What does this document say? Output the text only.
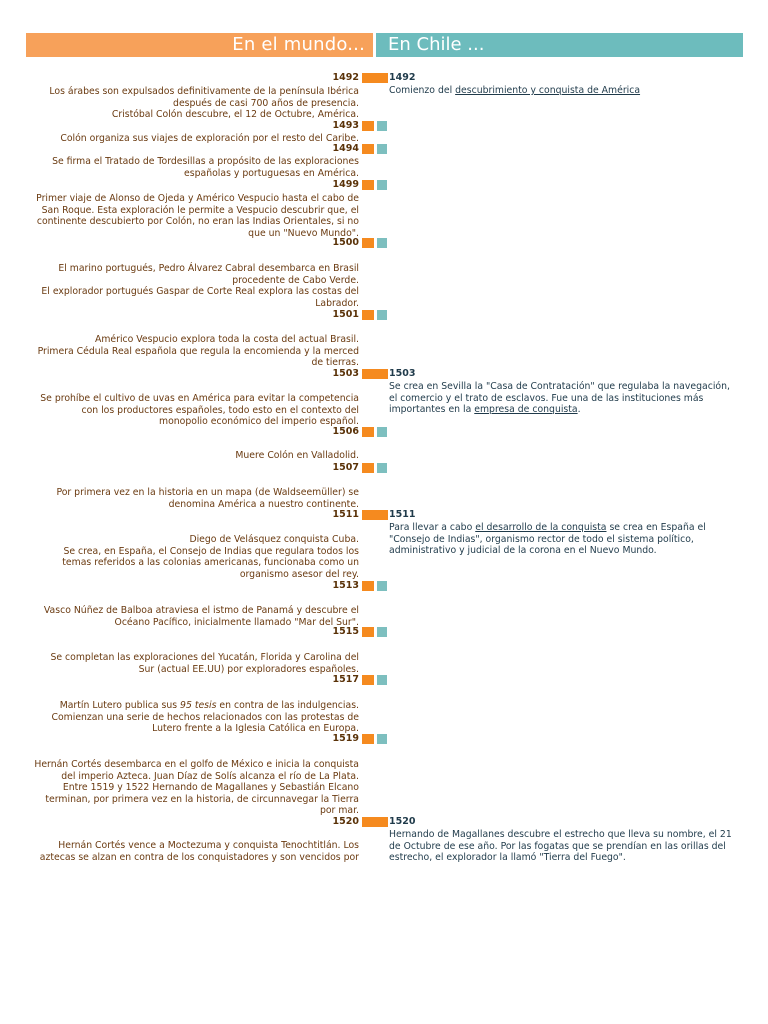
En el mundo...	En Chile ...
1492
Los árabes son expulsados definitivamente de la península Ibérica
después de casi 700 años de presencia.
Cristóbal Colón descubre, el 12 de Octubre, América.
1493
Colón organiza sus viajes de exploración por el resto del Caribe.
1494
Se firma el Tratado de Tordesillas a propósito de las exploraciones
españolas y portuguesas en América.
1499
Primer viaje de Alonso de Ojeda y Américo Vespucio hasta el cabo de
San Roque. Esta exploración le permite a Vespucio descubrir que, el
continente descubierto por Colón, no eran las Indias Orientales, si no
que un "Nuevo Mundo".
1500
El marino portugués, Pedro Álvarez Cabral desembarca en Brasil
procedente de Cabo Verde.
El explorador portugués Gaspar de Corte Real explora las costas del
Labrador.
1501
Américo Vespucio explora toda la costa del actual Brasil.
Primera Cédula Real española que regula la encomienda y la merced
de tierras.
1503
Se prohíbe el cultivo de uvas en América para evitar la competencia
con los productores españoles, todo esto en el contexto del
monopolio económico del imperio español.
1506
Muere Colón en Valladolid.
1507
Por primera vez en la historia en un mapa (de Waldseemüller) se
denomina América a nuestro continente.
1511
Diego de Velásquez conquista Cuba.
Se crea, en España, el Consejo de Indias que regulara todos los
temas referidos a las colonias americanas, funcionaba como un
organismo asesor del rey.
1513
Vasco Núñez de Balboa atraviesa el istmo de Panamá y descubre el
Océano Pacífico, inicialmente llamado "Mar del Sur".
1515
Se completan las exploraciones del Yucatán, Florida y Carolina del
Sur (actual EE.UU) por exploradores españoles.
1517
Martín Lutero publica sus 95 tesis en contra de las indulgencias.
Comienzan una serie de hechos relacionados con las protestas de
Lutero frente a la Iglesia Católica en Europa.
1519
Hernán Cortés desembarca en el golfo de México e inicia la conquista
del imperio Azteca. Juan Díaz de Solís alcanza el río de La Plata.
Entre 1519 y 1522 Hernando de Magallanes y Sebastián Elcano
terminan, por primera vez en la historia, de circunnavegar la Tierra
por mar.
1520
Hernán Cortés vence a Moctezuma y conquista Tenochtitlán. Los
aztecas se alzan en contra de los conquistadores y son vencidos por
1492
Comienzo del descubrimiento y conquista de América
1503
Se crea en Sevilla la "Casa de Contratación" que regulaba la navegación,
el comercio y el trato de esclavos. Fue una de las instituciones más
importantes en la empresa de conquista.
1511
Para llevar a cabo el desarrollo de la conquista se crea en España el
"Consejo de Indias", organismo rector de todo el sistema político,
administrativo y judicial de la corona en el Nuevo Mundo.
1520
Hernando de Magallanes descubre el estrecho que lleva su nombre, el 21
de Octubre de ese año. Por las fogatas que se prendían en las orillas del
estrecho, el explorador la llamó "Tierra del Fuego".
